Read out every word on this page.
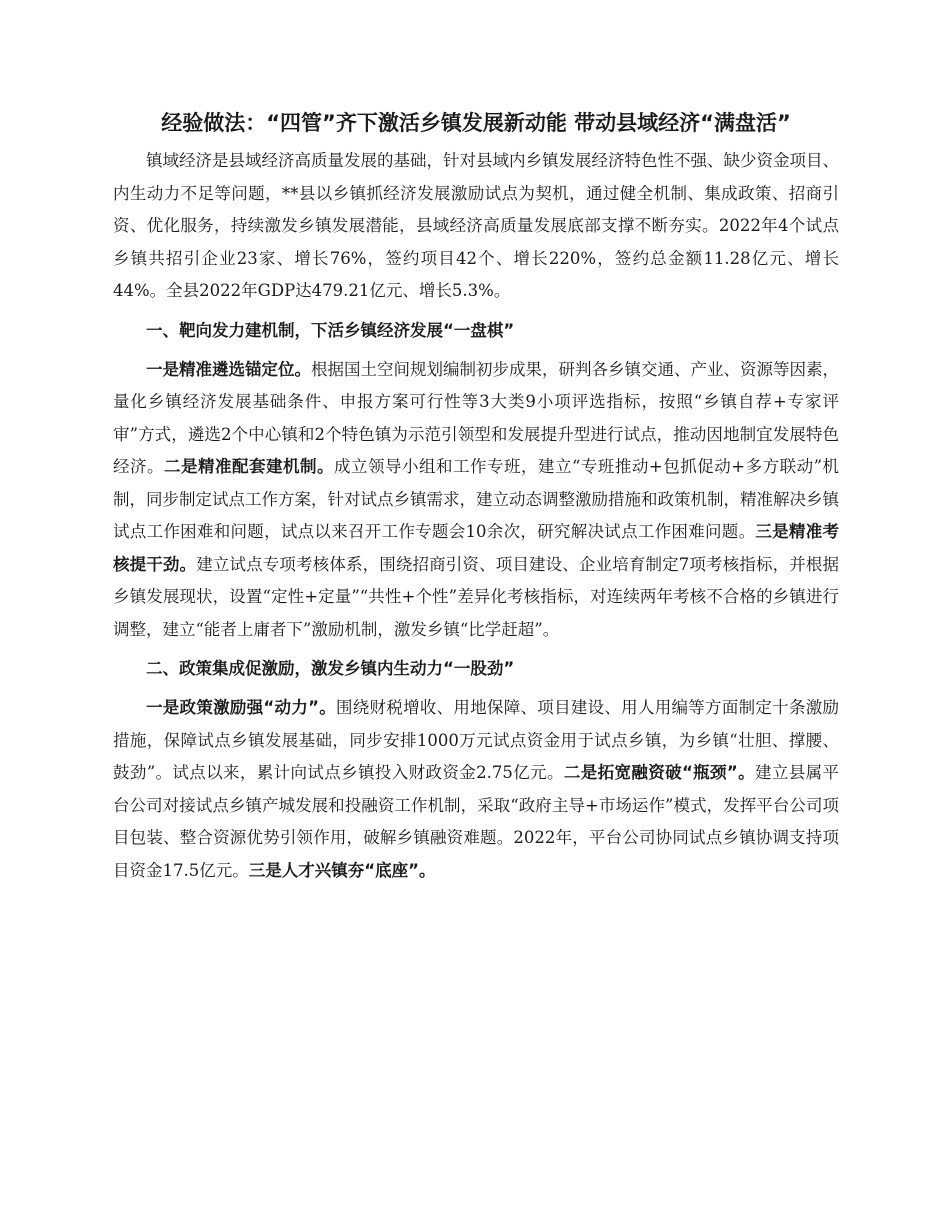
经验做法：“四管”齐下激活乡镇发展新动能 带动县域经济“满盘活”

镇域经济是县域经济高质量发展的基础，针对县域内乡镇发展经济特色性不强、缺少资金项目、内生动力不足等问题，**县以乡镇抓经济发展激励试点为契机，通过健全机制、集成政策、招商引资、优化服务，持续激发乡镇发展潜能，县域经济高质量发展底部支撑不断夯实。2022年4个试点乡镇共招引企业23家、增长76%，签约项目42个、增长220%，签约总金额11.28亿元、增长44%。全县2022年GDP达479.21亿元、增长5.3%。

一、靶向发力建机制，下活乡镇经济发展“一盘棋”

一是精准遴选锚定位。根据国土空间规划编制初步成果，研判各乡镇交通、产业、资源等因素，量化乡镇经济发展基础条件、申报方案可行性等3大类9小项评选指标，按照“乡镇自荐+专家评审”方式，遴选2个中心镇和2个特色镇为示范引领型和发展提升型进行试点，推动因地制宜发展特色经济。二是精准配套建机制。成立领导小组和工作专班，建立“专班推动+包抓促动+多方联动”机制，同步制定试点工作方案，针对试点乡镇需求，建立动态调整激励措施和政策机制，精准解决乡镇试点工作困难和问题，试点以来召开工作专题会10余次，研究解决试点工作困难问题。三是精准考核提干劲。建立试点专项考核体系，围绕招商引资、项目建设、企业培育制定7项考核指标，并根据乡镇发展现状，设置“定性+定量”“共性+个性”差异化考核指标，对连续两年考核不合格的乡镇进行调整，建立“能者上庸者下”激励机制，激发乡镇“比学赶超”。

二、政策集成促激励，激发乡镇内生动力“一股劲”

一是政策激励强“动力”。围绕财税增收、用地保障、项目建设、用人用编等方面制定十条激励措施，保障试点乡镇发展基础，同步安排1000万元试点资金用于试点乡镇，为乡镇“壮胆、撑腰、鼓劲”。试点以来，累计向试点乡镇投入财政资金2.75亿元。二是拓宽融资破“瓶颈”。建立县属平台公司对接试点乡镇产城发展和投融资工作机制，采取“政府主导+市场运作”模式，发挥平台公司项目包装、整合资源优势引领作用，破解乡镇融资难题。2022年，平台公司协同试点乡镇协调支持项目资金17.5亿元。三是人才兴镇夯“底座”。
